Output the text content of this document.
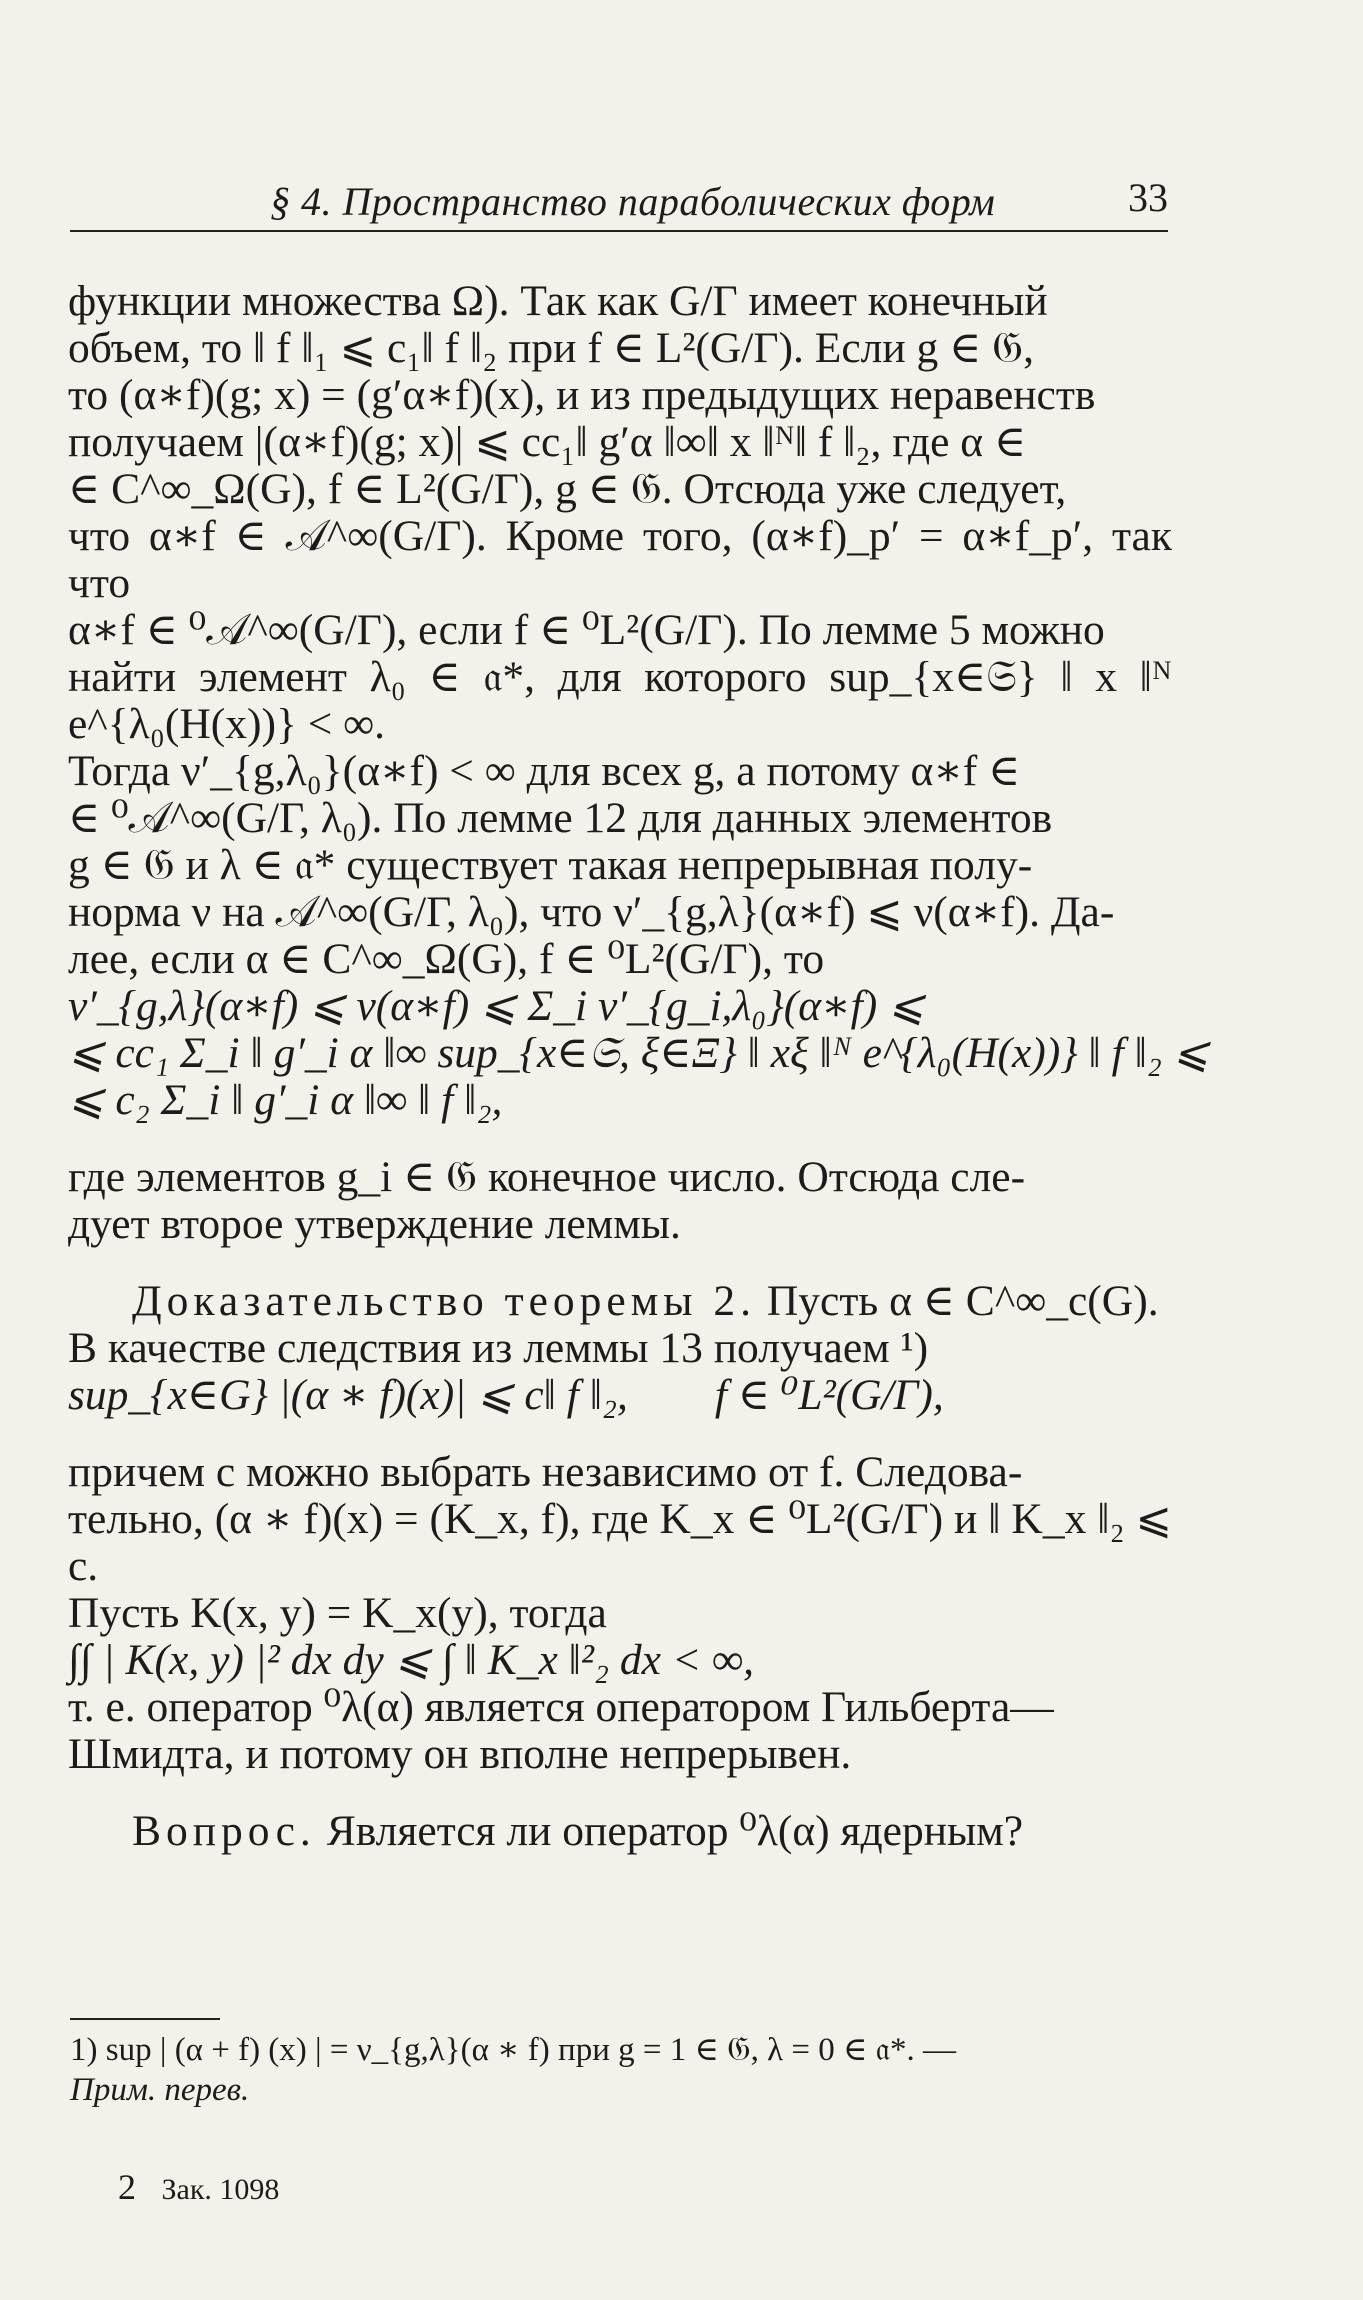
§ 4. Пространство параболических форм	33

функции множества Ω). Так как G/Γ имеет конечный
объем, то ‖ f ‖₁ ⩽ c₁‖ f ‖₂ при f ∈ L²(G/Γ). Если g ∈ 𝔊,
то (α∗f)(g; x) = (g′α∗f)(x), и из предыдущих неравенств
получаем |(α∗f)(g; x)| ⩽ cc₁‖ g′α ‖∞‖ x ‖ᴺ‖ f ‖₂, где α ∈
∈ C^∞_Ω(G), f ∈ L²(G/Γ), g ∈ 𝔊. Отсюда уже следует,
что α∗f ∈ 𝒜^∞(G/Γ). Кроме того, (α∗f)_p′ = α∗f_p′, так что
α∗f ∈ ⁰𝒜^∞(G/Γ), если f ∈ ⁰L²(G/Γ). По лемме 5 можно
найти элемент λ₀ ∈ 𝔞*, для которого sup_{x∈𝔖} ‖ x ‖ᴺ e^{λ₀(H(x))} < ∞.
Тогда ν′_{g,λ₀}(α∗f) < ∞ для всех g, а потому α∗f ∈
∈ ⁰𝒜^∞(G/Γ, λ₀). По лемме 12 для данных элементов
g ∈ 𝔊 и λ ∈ 𝔞* существует такая непрерывная полу-
норма ν на 𝒜^∞(G/Γ, λ₀), что ν′_{g,λ}(α∗f) ⩽ ν(α∗f). Да-
лее, если α ∈ C^∞_Ω(G), f ∈ ⁰L²(G/Γ), то

ν′_{g,λ}(α∗f) ⩽ ν(α∗f) ⩽ Σ_i ν′_{g_i,λ₀}(α∗f) ⩽

⩽ cc₁ Σ_i ‖ g′_i α ‖∞ sup_{x∈𝔖, ξ∈Ξ} ‖ xξ ‖ᴺ e^{λ₀(H(x))} ‖ f ‖₂ ⩽

⩽ c₂ Σ_i ‖ g′_i α ‖∞ ‖ f ‖₂,

где элементов g_i ∈ 𝔊 конечное число. Отсюда сле-
дует второе утверждение леммы.

Доказательство теоремы 2. Пусть α ∈ C^∞_c(G).
В качестве следствия из леммы 13 получаем ¹)

sup_{x∈G} |(α ∗ f)(x)| ⩽ c‖ f ‖₂,        f ∈ ⁰L²(G/Γ),

причем c можно выбрать независимо от f. Следова-
тельно, (α ∗ f)(x) = (K_x, f), где K_x ∈ ⁰L²(G/Γ) и ‖ K_x ‖₂ ⩽ c.
Пусть K(x, y) = K_x(y), тогда

∫∫ | K(x, y) |² dx dy ⩽ ∫ ‖ K_x ‖²₂ dx < ∞,

т. е. оператор ⁰λ(α) является оператором Гильберта—
Шмидта, и потому он вполне непрерывен.

Вопрос. Является ли оператор ⁰λ(α) ядерным?

1) sup | (α + f) (x) | = ν_{g,λ}(α ∗ f) при g = 1 ∈ 𝔊, λ = 0 ∈ 𝔞*. —
Прим. перев.
2 Зак. 1098
